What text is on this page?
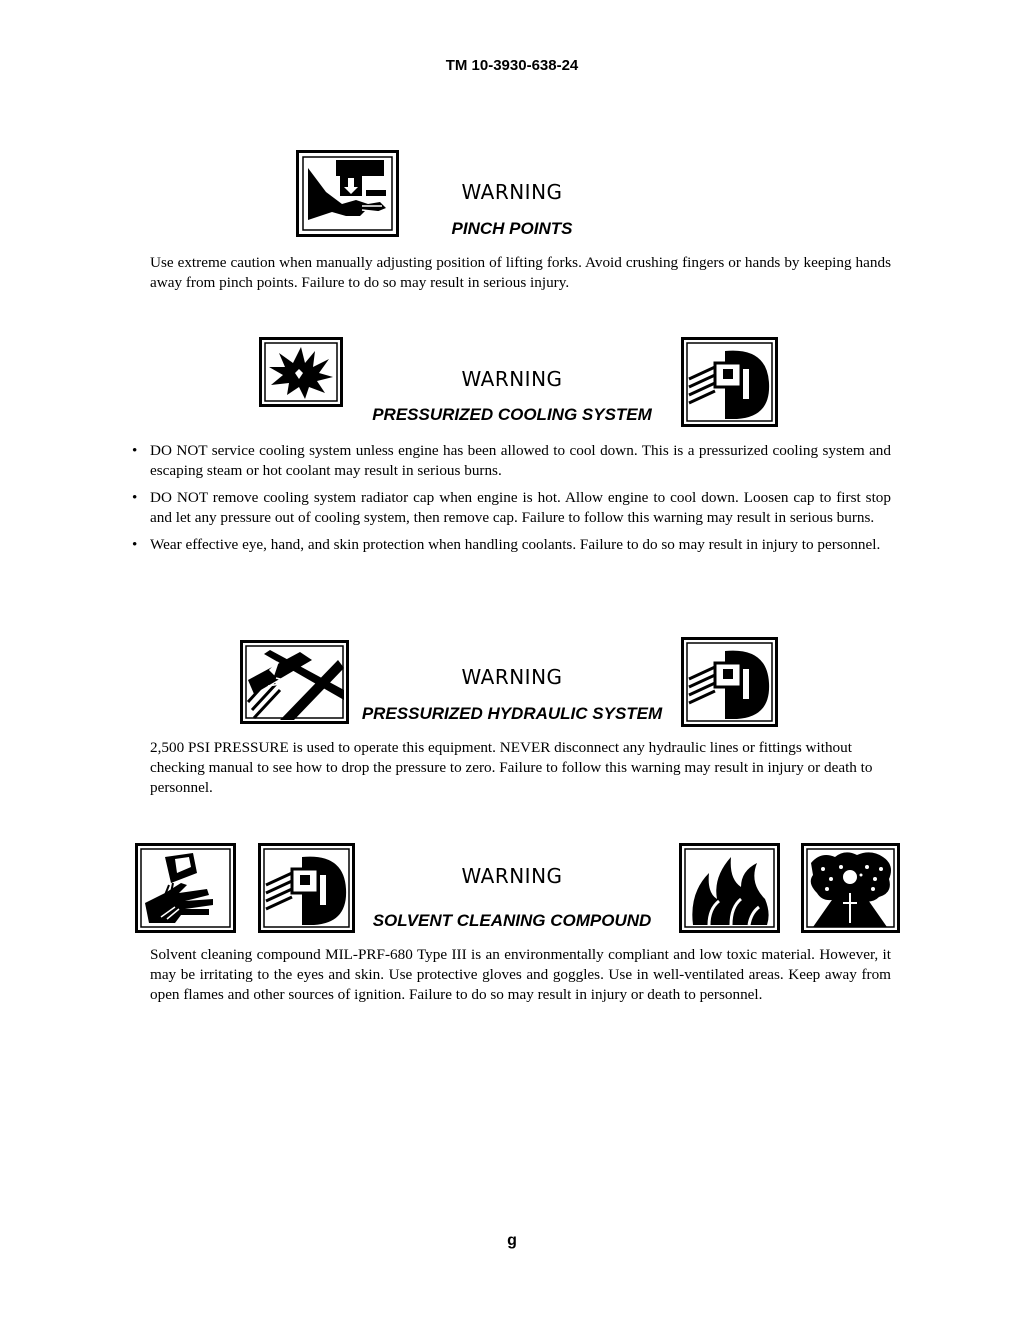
TM 10-3930-638-24
WARNING
PINCH POINTS
Use extreme caution when manually adjusting position of lifting forks. Avoid crushing fingers or hands by keeping hands away from pinch points. Failure to do so may result in serious injury.
WARNING
PRESSURIZED COOLING SYSTEM
• DO NOT service cooling system unless engine has been allowed to cool down. This is a pressurized cooling system and escaping steam or hot coolant may result in serious burns.
• DO NOT remove cooling system radiator cap when engine is hot. Allow engine to cool down. Loosen cap to first stop and let any pressure out of cooling system, then remove cap. Failure to follow this warning may result in serious burns.
• Wear effective eye, hand, and skin protection when handling coolants. Failure to do so may result in injury to personnel.
WARNING
PRESSURIZED HYDRAULIC SYSTEM
2,500 PSI PRESSURE is used to operate this equipment. NEVER disconnect any hydraulic lines or fittings without checking manual to see how to drop the pressure to zero. Failure to follow this warning may result in injury or death to personnel.
WARNING
SOLVENT CLEANING COMPOUND
Solvent cleaning compound MIL-PRF-680 Type III is an environmentally compliant and low toxic material. However, it may be irritating to the eyes and skin. Use protective gloves and goggles. Use in well-ventilated areas. Keep away from open flames and other sources of ignition. Failure to do so may result in injury or death to personnel.
g
